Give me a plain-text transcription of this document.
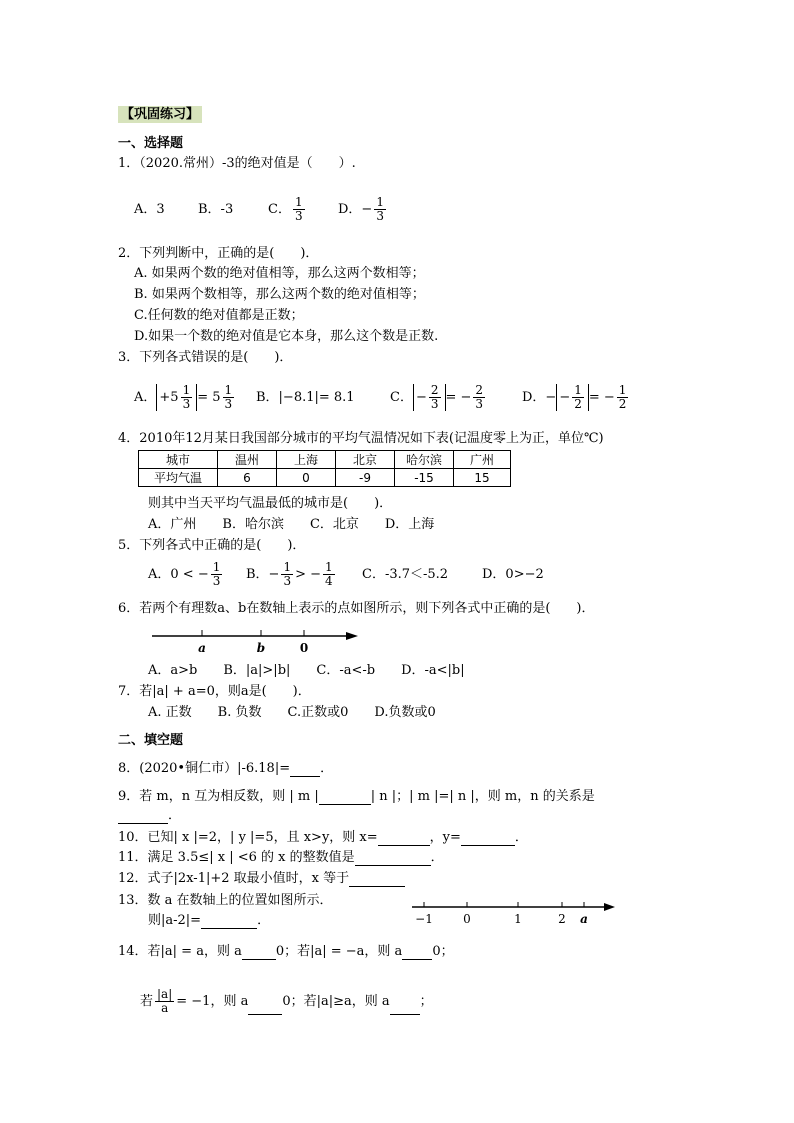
【巩固练习】
一、选择题
1．（2020.常州）-3的绝对值是（　　）.
A．3	B．-3	C． $\frac{1}{3}$	D．− $\frac{1}{3}$
2．下列判断中，正确的是(　　)．
A. 如果两个数的绝对值相等，那么这两个数相等；
B. 如果两个数相等，那么这两个数的绝对值相等；
C.任何数的绝对值都是正数；
D.如果一个数的绝对值是它本身，那么这个数是正数.
3．下列各式错误的是(　　)．
A． $+5 \frac{1}{3} = 5 \frac{1}{3}$ B．|−8.1|= 8.1	C． − $\frac{2}{3}$ = − $\frac{2}{3}$	D．− − $\frac{1}{2}$ = − $\frac{1}{2}$
4．2010年12月某日我国部分城市的平均气温情况如下表(记温度零上为正，单位℃)
城市	温州	上海	北京	哈尔滨	广州
平均气温	6	0	-9	-15	15
则其中当天平均气温最低的城市是(　　)．
A．广州　　B．哈尔滨　　C．北京　　D．上海
5．下列各式中正确的是(　　)．
A．0 < − $\frac{1}{3}$ B．− $\frac{1}{3}$ > − $\frac{1}{4}$ C．-3.7＜-5.2	D．0>−2
6．若两个有理数a、b在数轴上表示的点如图所示，则下列各式中正确的是(　　)．
a	b	0
A．a>b　　B．|a|>|b|　　C．-a<-b　　D．-a<|b|
7．若|a| + a=0，则a是(　　)．
A. 正数　　B. 负数　　C.正数或0　　D.负数或0
二、填空题
8．(2020•铜仁市）|-6.18|= ．
9．若 m，n 互为相反数，则 | m |	| n |；| m |=| n |，则 m，n 的关系是
．
10．已知| x |=2，| y |=5，且 x>y，则 x=	，y=	．
11．满足 3.5≤| x | <6 的 x 的整数值是	．
12．式子|2x-1|+2 取最小值时，x 等于
13．数 a 在数轴上的位置如图所示．
则|a-2|=	．	−1	0	1	2 a
14．若|a| = a，则 a	0；若|a| = −a，则 a 0；
若 $\frac{|a|}{a} = -1$，则 a	0；若|a|≥a，则 a ；
